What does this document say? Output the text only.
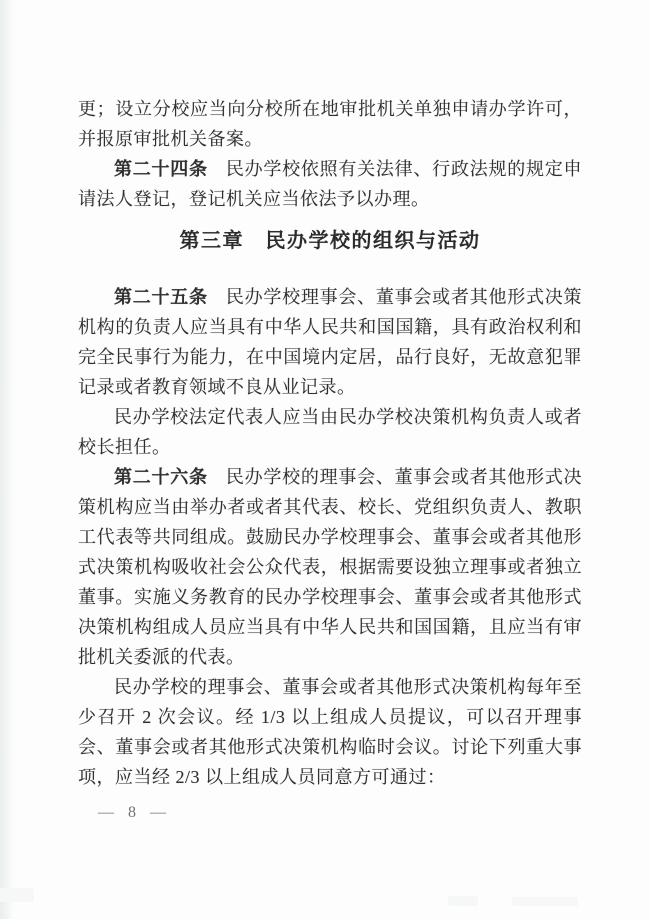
更；设立分校应当向分校所在地审批机关单独申请办学许可，并报原审批机关备案。

第二十四条 民办学校依照有关法律、行政法规的规定申请法人登记，登记机关应当依法予以办理。

第三章　民办学校的组织与活动

第二十五条 民办学校理事会、董事会或者其他形式决策机构的负责人应当具有中华人民共和国国籍，具有政治权利和完全民事行为能力，在中国境内定居，品行良好，无故意犯罪记录或者教育领域不良从业记录。

民办学校法定代表人应当由民办学校决策机构负责人或者校长担任。

第二十六条 民办学校的理事会、董事会或者其他形式决策机构应当由举办者或者其代表、校长、党组织负责人、教职工代表等共同组成。鼓励民办学校理事会、董事会或者其他形式决策机构吸收社会公众代表，根据需要设独立理事或者独立董事。实施义务教育的民办学校理事会、董事会或者其他形式决策机构组成人员应当具有中华人民共和国国籍，且应当有审批机关委派的代表。

民办学校的理事会、董事会或者其他形式决策机构每年至少召开 2 次会议。经 1/3 以上组成人员提议，可以召开理事会、董事会或者其他形式决策机构临时会议。讨论下列重大事项，应当经 2/3 以上组成人员同意方可通过：

— 8 —
